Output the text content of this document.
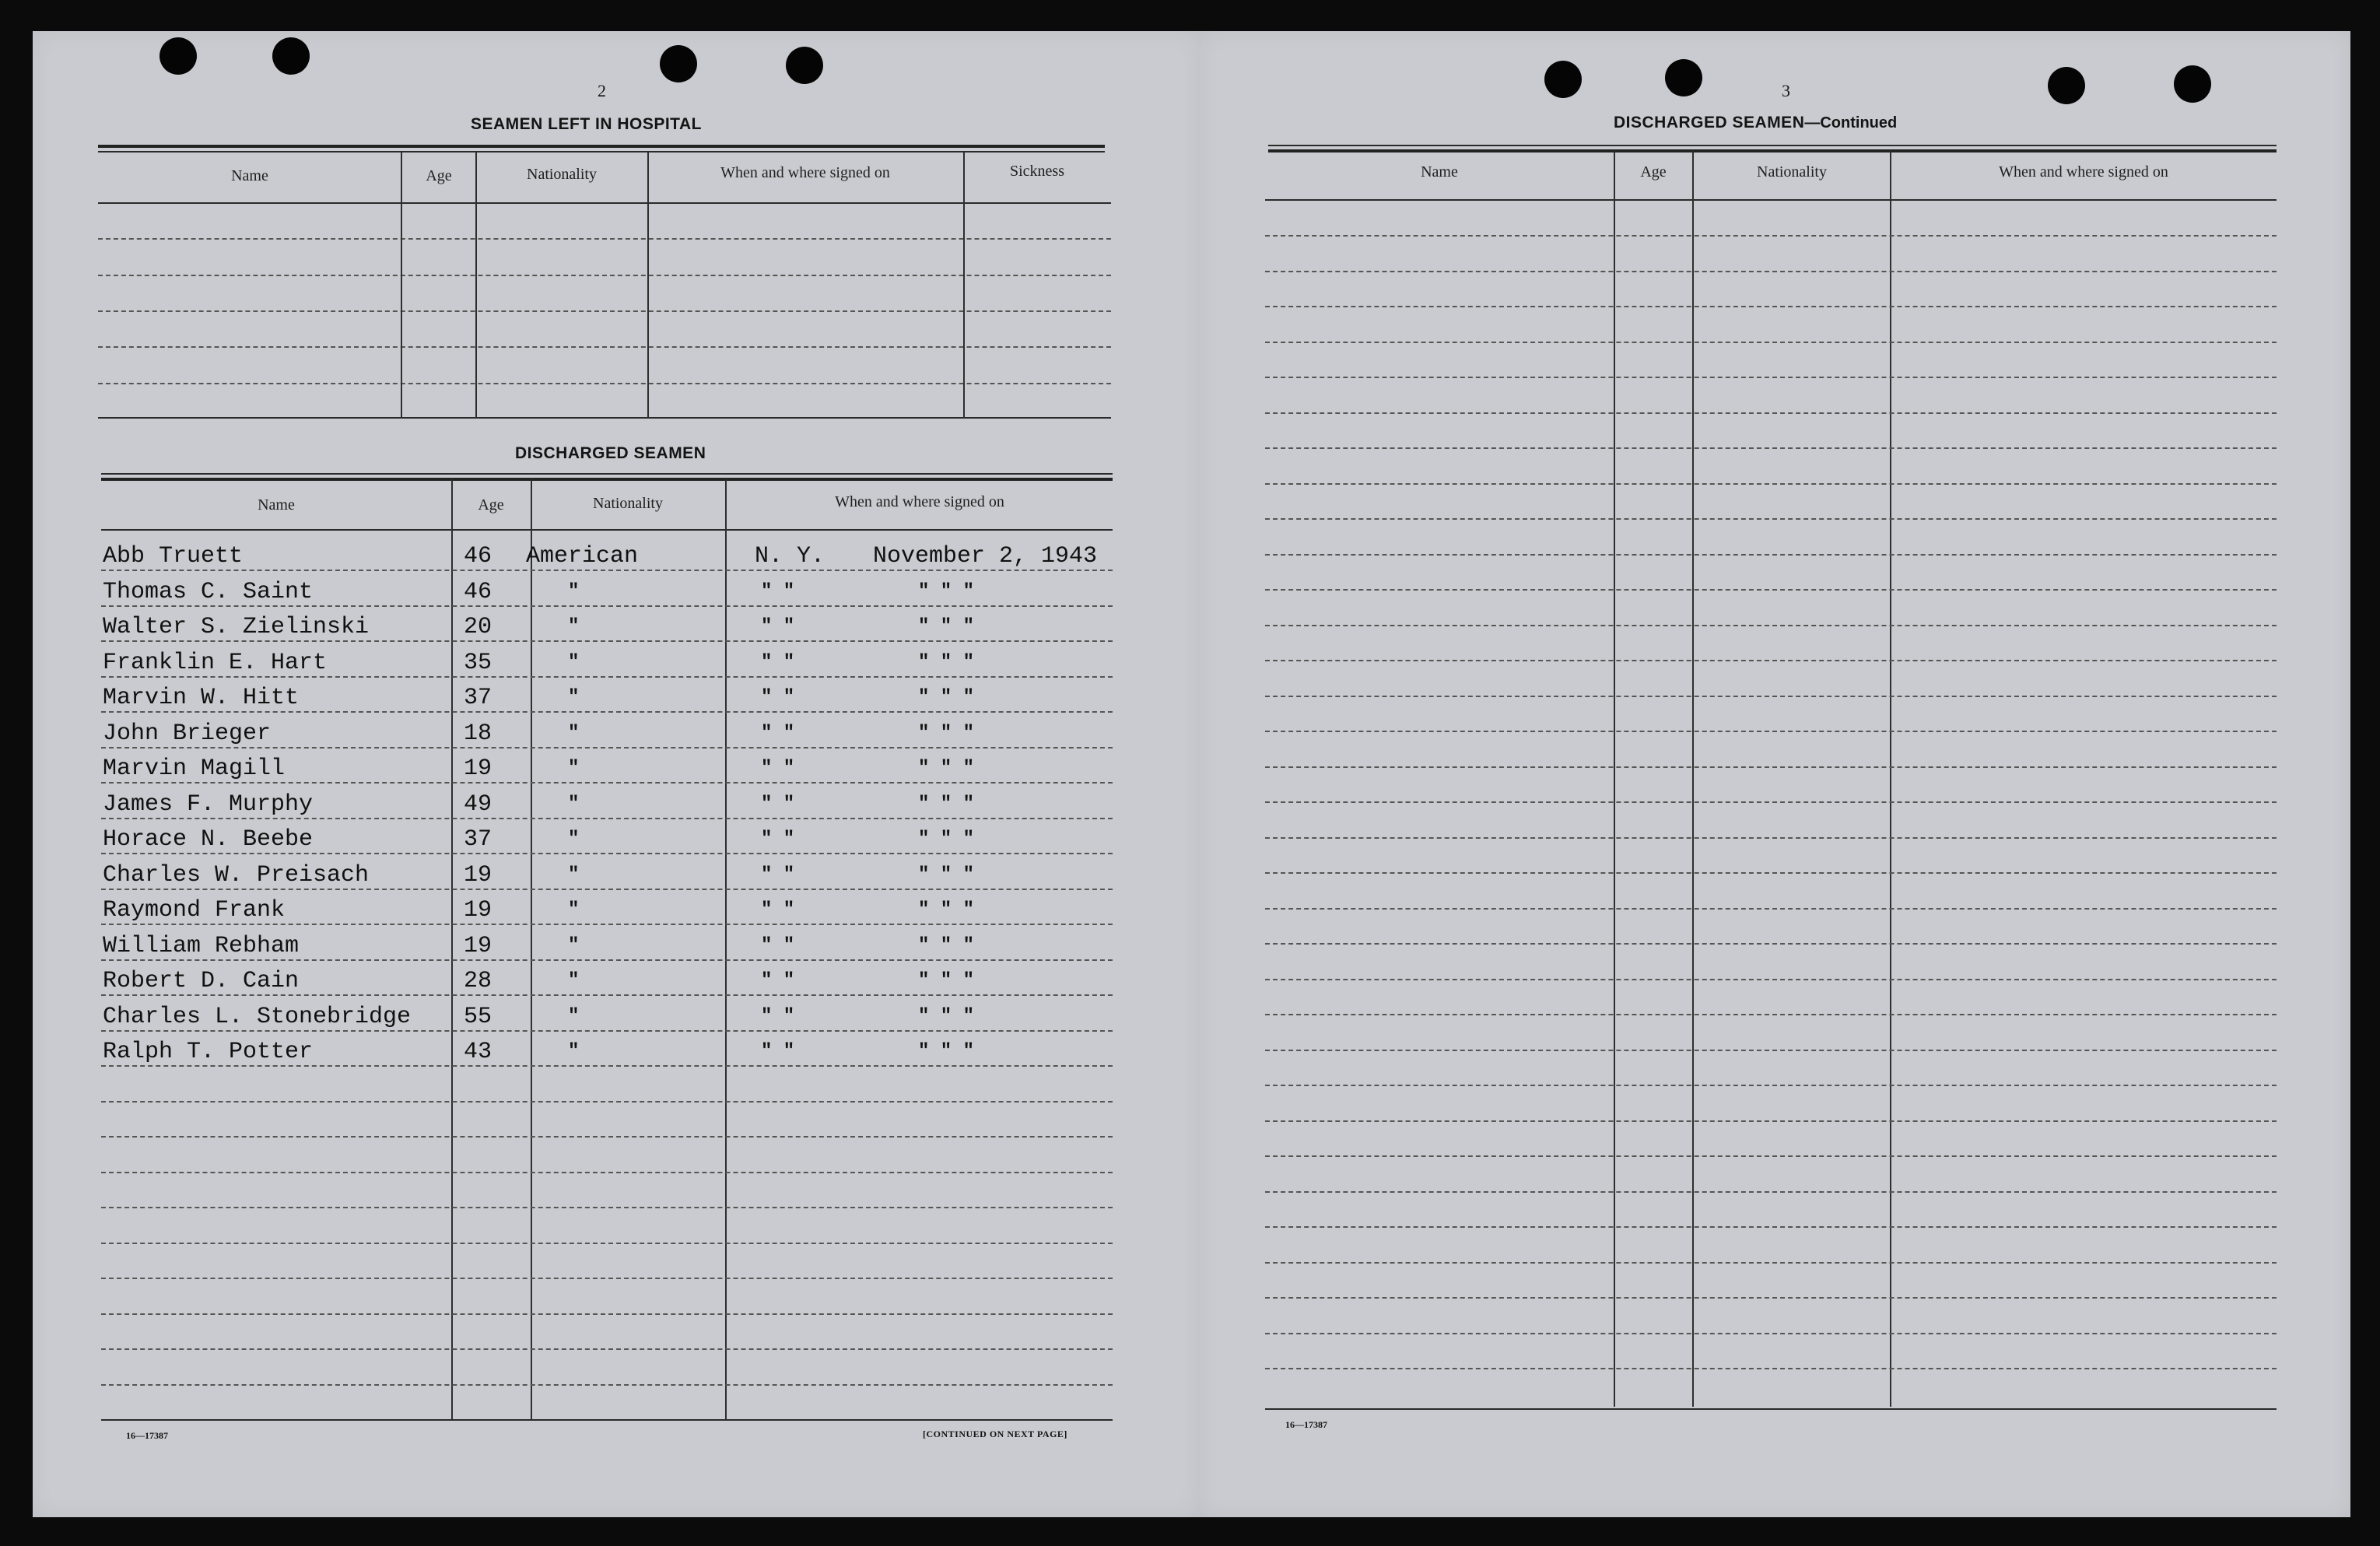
2
SEAMEN LEFT IN HOSPITAL
Name	Age	Nationality	When and where signed on	Sickness
DISCHARGED SEAMEN
Name	Age	Nationality	When and where signed on
Abb Truett	46 American	N. Y. November 2, 1943
Thomas C. Saint	46	"	" "	" " "
Walter S. Zielinski	20	"	" "	" " "
Franklin E. Hart	35	"	" "	" " "
Marvin W. Hitt	37	"	" "	" " "
John Brieger	18	"	" "	" " "
Marvin Magill	19	"	" "	" " "
James F. Murphy	49	"	" "	" " "
Horace N. Beebe	37	"	" "	" " "
Charles W. Preisach	19	"	" "	" " "
Raymond Frank	19	"	" "	" " "
William Rebham	19	"	" "	" " "
Robert D. Cain	28	"	" "	" " "
Charles L. Stonebridge 55	"	" "	" " "
Ralph T. Potter	43	"	" "	" " "
16—17387	[CONTINUED ON NEXT PAGE]
3
DISCHARGED SEAMEN—Continued
Name	Age	Nationality	When and where signed on
16—17387
